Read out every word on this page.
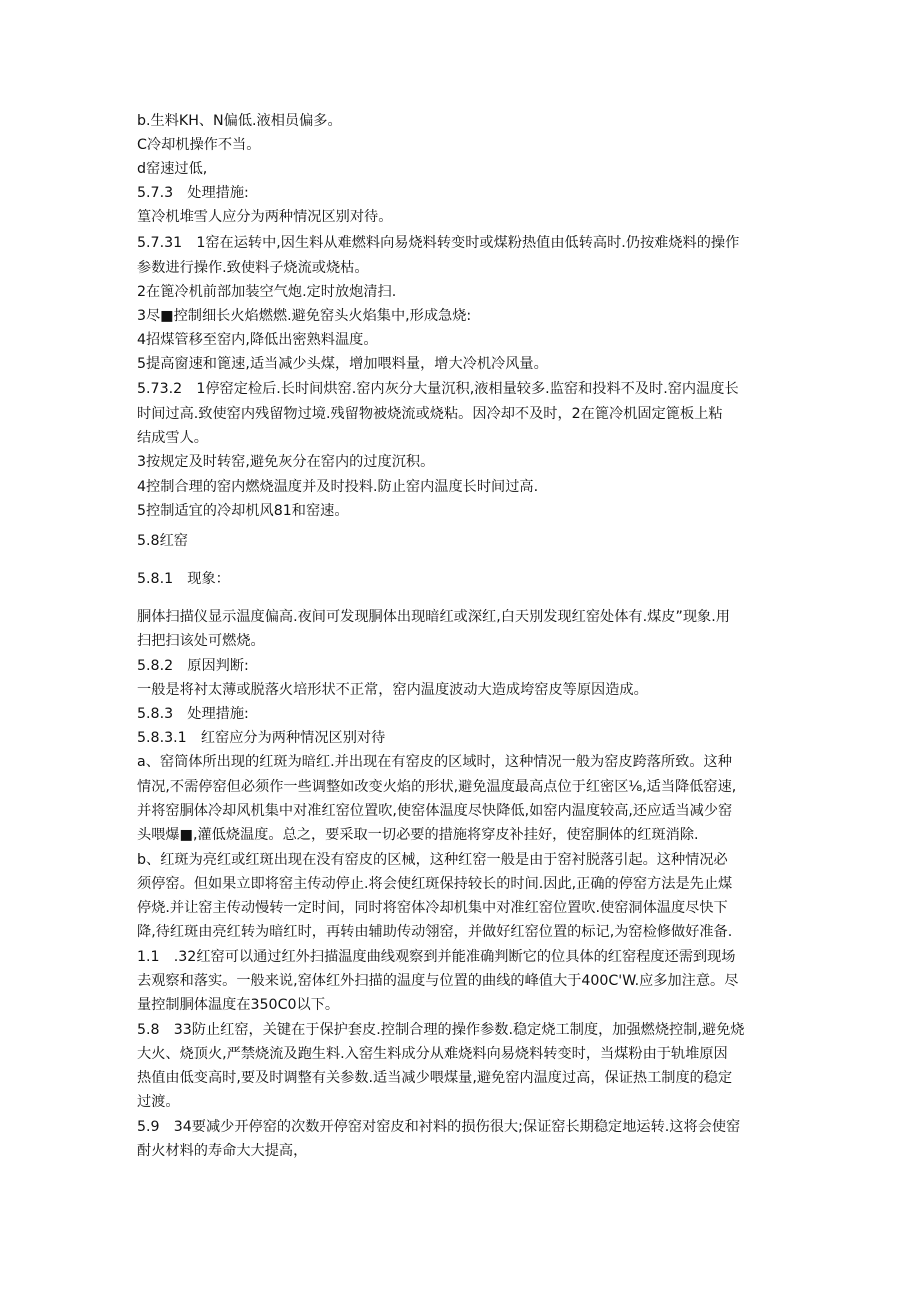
b.生料KH、N偏低.液相员偏多。
C冷却机操作不当。
d窑速过低,
5.7.3　处理措施:
篁冷机堆雪人应分为两种情况区别对待。
5.7.31　1窑在运转中,因生料从难燃料向易烧料转变时或煤粉热值由低转高时.仍按难烧料的操作
参数进行操作.致使料子烧流或烧枯。
2在篦冷机前部加装空气炮.定时放炮清扫.
3尽■控制细长火焰燃燃.避免窑头火焰集中,形成急烧:
4招煤管移至窑内,降低出密熟料温度。
5提高窗速和篦速,适当减少头煤，增加喂料量，增大冷机冷风量。
5.73.2　1停窑定检后.长时间烘窑.窑内灰分大量沉积,液相量较多.监窑和投料不及时.窑内温度长
时间过高.致使窑内残留物过境.残留物被烧流或烧粘。因冷却不及时，2在篦冷机固定篦板上粘
结成雪人。
3按规定及时转窑,避免灰分在窑内的过度沉积。
4控制合理的窑内燃烧温度并及时投料.防止窑内温度长时间过高.
5控制适宜的冷却机风81和窑速。
5.8红窑
5.8.1　现象：
胴体扫描仪显示温度偏高.夜间可发现胴体出现暗红或深红,白天別发现红窑处体有.煤皮”现象.用
扫把扫该处可燃烧。
5.8.2　原因判断:
一般是将衬太薄或脱落火培形状不正常，窑内温度波动大造成垮窑皮等原因造成。
5.8.3　处理措施:
5.8.3.1　红窑应分为两种情况区别对待
a、窑筒体所出现的红斑为暗红.并出现在有窑皮的区域时，这种情况一般为窑皮跨落所致。这种
情况,不需停窑但必须作一些调整如改变火焰的形状,避免温度最高点位于红密区⅛,适当降低窑速,
并将窑胴体冷却风机集中对准红窑位置吹,使窑体温度尽快降低,如窑内温度较高,还应适当减少窑
头喂爆■,灌低烧温度。总之，要采取一切必要的措施将穿皮补挂好，使窑胴体的红斑消除.
b、红斑为亮红或红斑出现在没有窑皮的区械，这种红窑一般是由于窑衬脱落引起。这种情况必
须停窑。但如果立即将窑主传动停止.将会使红斑保持较长的时间.因此,正确的停窑方法是先止煤
停烧.并让窑主传动慢转一定时间，同时将窑体冷却机集中对准红窑位置吹.使窑洞体温度尽快下
降,待红斑由亮红转为暗红时，再转由辅助传动翎窑，并做好红窑位置的标记,为窑检修做好准备.
1.1　.32红窑可以通过红外扫描温度曲线观察到并能准确判断它的位具体的红窑程度还需到现场
去观察和落实。一般来说,窑体红外扫描的温度与位置的曲线的峰值大于400C'W.应多加注意。尽
量控制胴体温度在350C0以下。
5.8　33防止红窑，关键在于保护套皮.控制合理的操作参数.稳定烧工制度，加强燃烧控制,避免烧
大火、烧顶火,严禁烧流及跑生料.入窑生料成分从难烧料向易烧料转变时，当煤粉由于轨堆原因
热值由低变高时,要及时调整有关参数.适当减少喂煤量,避免窑内温度过高，保证热工制度的稳定
过渡。
5.9　34要减少开停窑的次数开停窑对窑皮和衬料的损伤很大;保证窑长期稳定地运转.这将会使窑
酎火材料的寿命大大提高，
